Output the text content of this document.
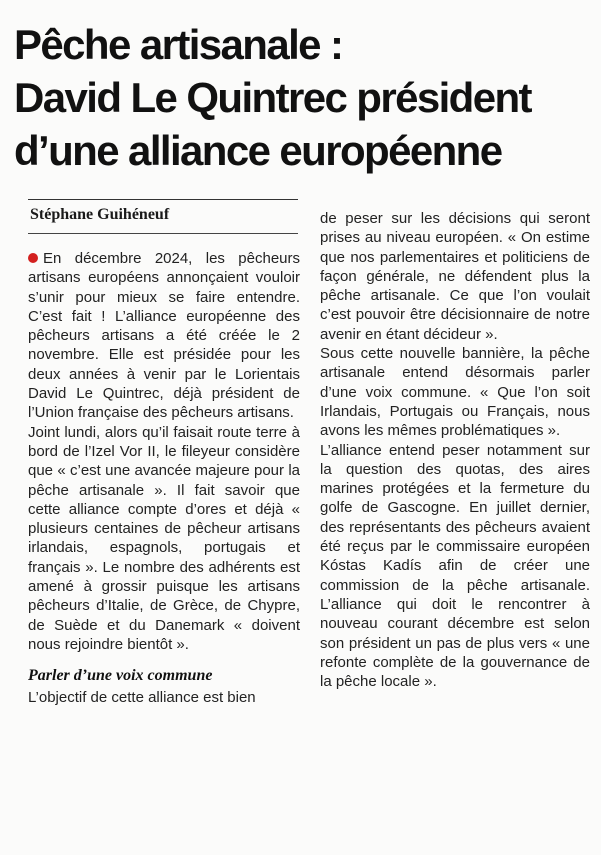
Pêche artisanale :
David Le Quintrec président
d’une alliance européenne
Stéphane Guihéneuf

En décembre 2024, les pêcheurs artisans européens annonçaient vouloir s’unir pour mieux se faire entendre. C’est fait ! L’alliance européenne des pêcheurs artisans a été créée le 2 novembre. Elle est présidée pour les deux années à venir par le Lorientais David Le Quintrec, déjà président de l’Union française des pêcheurs artisans.

Joint lundi, alors qu’il faisait route terre à bord de l’Izel Vor II, le fileyeur considère que « c’est une avancée majeure pour la pêche artisanale ». Il fait savoir que cette alliance compte d’ores et déjà « plusieurs centaines de pêcheur artisans irlandais, espagnols, portugais et français ». Le nombre des adhérents est amené à grossir puisque les artisans pêcheurs d’Italie, de Grèce, de Chypre, de Suède et du Danemark « doivent nous rejoindre bientôt ».

Parler d’une voix commune

L’objectif de cette alliance est bien

de peser sur les décisions qui seront prises au niveau européen. « On estime que nos parlementaires et politiciens de façon générale, ne défendent plus la pêche artisanale. Ce que l’on voulait c’est pouvoir être décisionnaire de notre avenir en étant décideur ».

Sous cette nouvelle bannière, la pêche artisanale entend désormais parler d’une voix commune. « Que l’on soit Irlandais, Portugais ou Français, nous avons les mêmes problématiques ».

L’alliance entend peser notamment sur la question des quotas, des aires marines protégées et la fermeture du golfe de Gascogne. En juillet dernier, des représentants des pêcheurs avaient été reçus par le commissaire européen Kóstas Kadís afin de créer une commission de la pêche artisanale. L’alliance qui doit le rencontrer à nouveau courant décembre est selon son président un pas de plus vers « une refonte complète de la gouvernance de la pêche locale ».
